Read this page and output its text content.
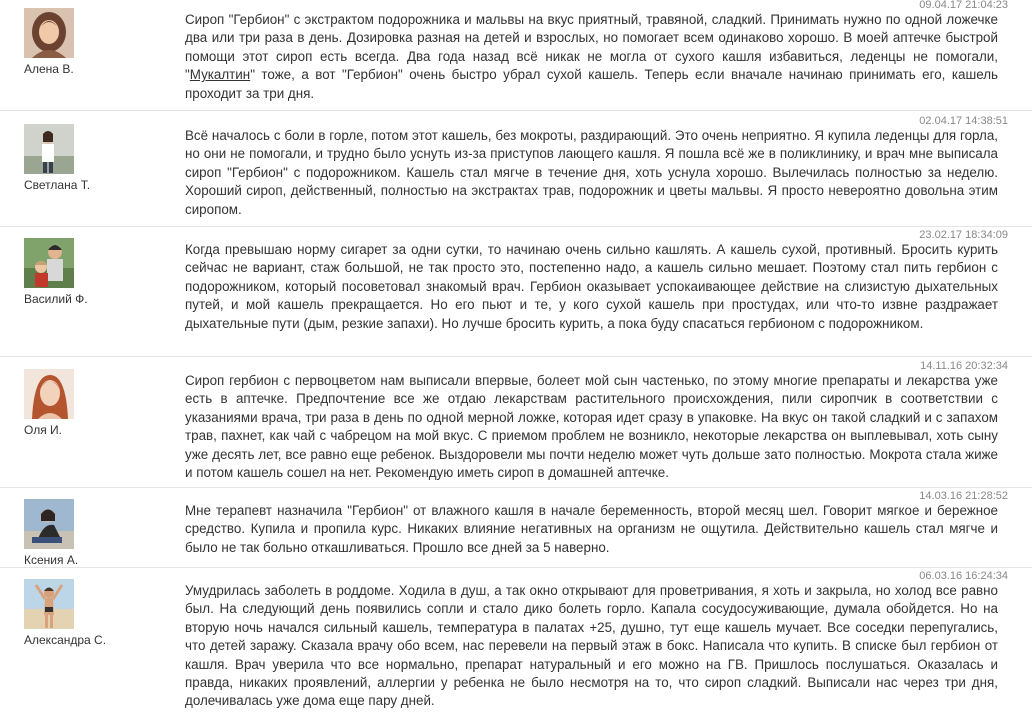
Алена В.
09.04.17 21:04:23
Сироп "Гербион" с экстрактом подорожника и мальвы на вкус приятный, травяной, сладкий. Принимать нужно по одной ложечке два или три раза в день. Дозировка разная на детей и взрослых, но помогает всем одинаково хорошо. В моей аптечке быстрой помощи этот сироп есть всегда. Два года назад всё никак не могла от сухого кашля избавиться, леденцы не помогали, "Мукалтин" тоже, а вот "Гербион" очень быстро убрал сухой кашель. Теперь если вначале начинаю принимать его, кашель проходит за три дня.
Светлана Т.
02.04.17 14:38:51
Всё началось с боли в горле, потом этот кашель, без мокроты, раздирающий. Это очень неприятно. Я купила леденцы для горла, но они не помогали, и трудно было уснуть из-за приступов лающего кашля. Я пошла всё же в поликлинику, и врач мне выписала сироп "Гербион" с подорожником. Кашель стал мягче в течение дня, хоть уснула хорошо. Вылечилась полностью за неделю. Хороший сироп, действенный, полностью на экстрактах трав, подорожник и цветы мальвы. Я просто невероятно довольна этим сиропом.
Василий Ф.
23.02.17 18:34:09
Когда превышаю норму сигарет за одни сутки, то начинаю очень сильно кашлять. А кашель сухой, противный. Бросить курить сейчас не вариант, стаж большой, не так просто это, постепенно надо, а кашель сильно мешает. Поэтому стал пить гербион с подорожником, который посоветовал знакомый врач. Гербион оказывает успокаивающее действие на слизистую дыхательных путей, и мой кашель прекращается. Но его пьют и те, у кого сухой кашель при простудах, или что-то извне раздражает дыхательные пути (дым, резкие запахи). Но лучше бросить курить, а пока буду спасаться гербионом с подорожником.
Оля И.
14.11.16 20:32:34
Сироп гербион с первоцветом нам выписали впервые, болеет мой сын частенько, по этому многие препараты и лекарства уже есть в аптечке. Предпочтение все же отдаю лекарствам растительного происхождения, пили сиропчик в соответствии с указаниями врача, три раза в день по одной мерной ложке, которая идет сразу в упаковке. На вкус он такой сладкий и с запахом трав, пахнет, как чай с чабрецом на мой вкус. С приемом проблем не возникло, некоторые лекарства он выплевывал, хоть сыну уже десять лет, все равно еще ребенок. Выздоровели мы почти неделю может чуть дольше зато полностью. Мокрота стала жиже и потом кашель сошел на нет. Рекомендую иметь сироп в домашней аптечке.
Ксения А.
14.03.16 21:28:52
Мне терапевт назначила "Гербион" от влажного кашля в начале беременность, второй месяц шел. Говорит мягкое и бережное средство. Купила и пропила курс. Никаких влияние негативных на организм не ощутила. Действительно кашель стал мягче и было не так больно откашливаться. Прошло все дней за 5 наверно.
Александра С.
06.03.16 16:24:34
Умудрилась заболеть в роддоме. Ходила в душ, а так окно открывают для проветривания, я хоть и закрыла, но холод все равно был. На следующий день появились сопли и стало дико болеть горло. Капала сосудосуживающие, думала обойдется. Но на вторую ночь начался сильный кашель, температура в палатах +25, душно, тут еще кашель мучает. Все соседки перепугались, что детей заражу. Сказала врачу обо всем, нас перевели на первый этаж в бокс. Написала что купить. В списке был гербион от кашля. Врач уверила что все нормально, препарат натуральный и его можно на ГВ. Пришлось послушаться. Оказалась и правда, никаких проявлений, аллергии у ребенка не было несмотря на то, что сироп сладкий. Выписали нас через три дня, долечивалась уже дома еще пару дней.
